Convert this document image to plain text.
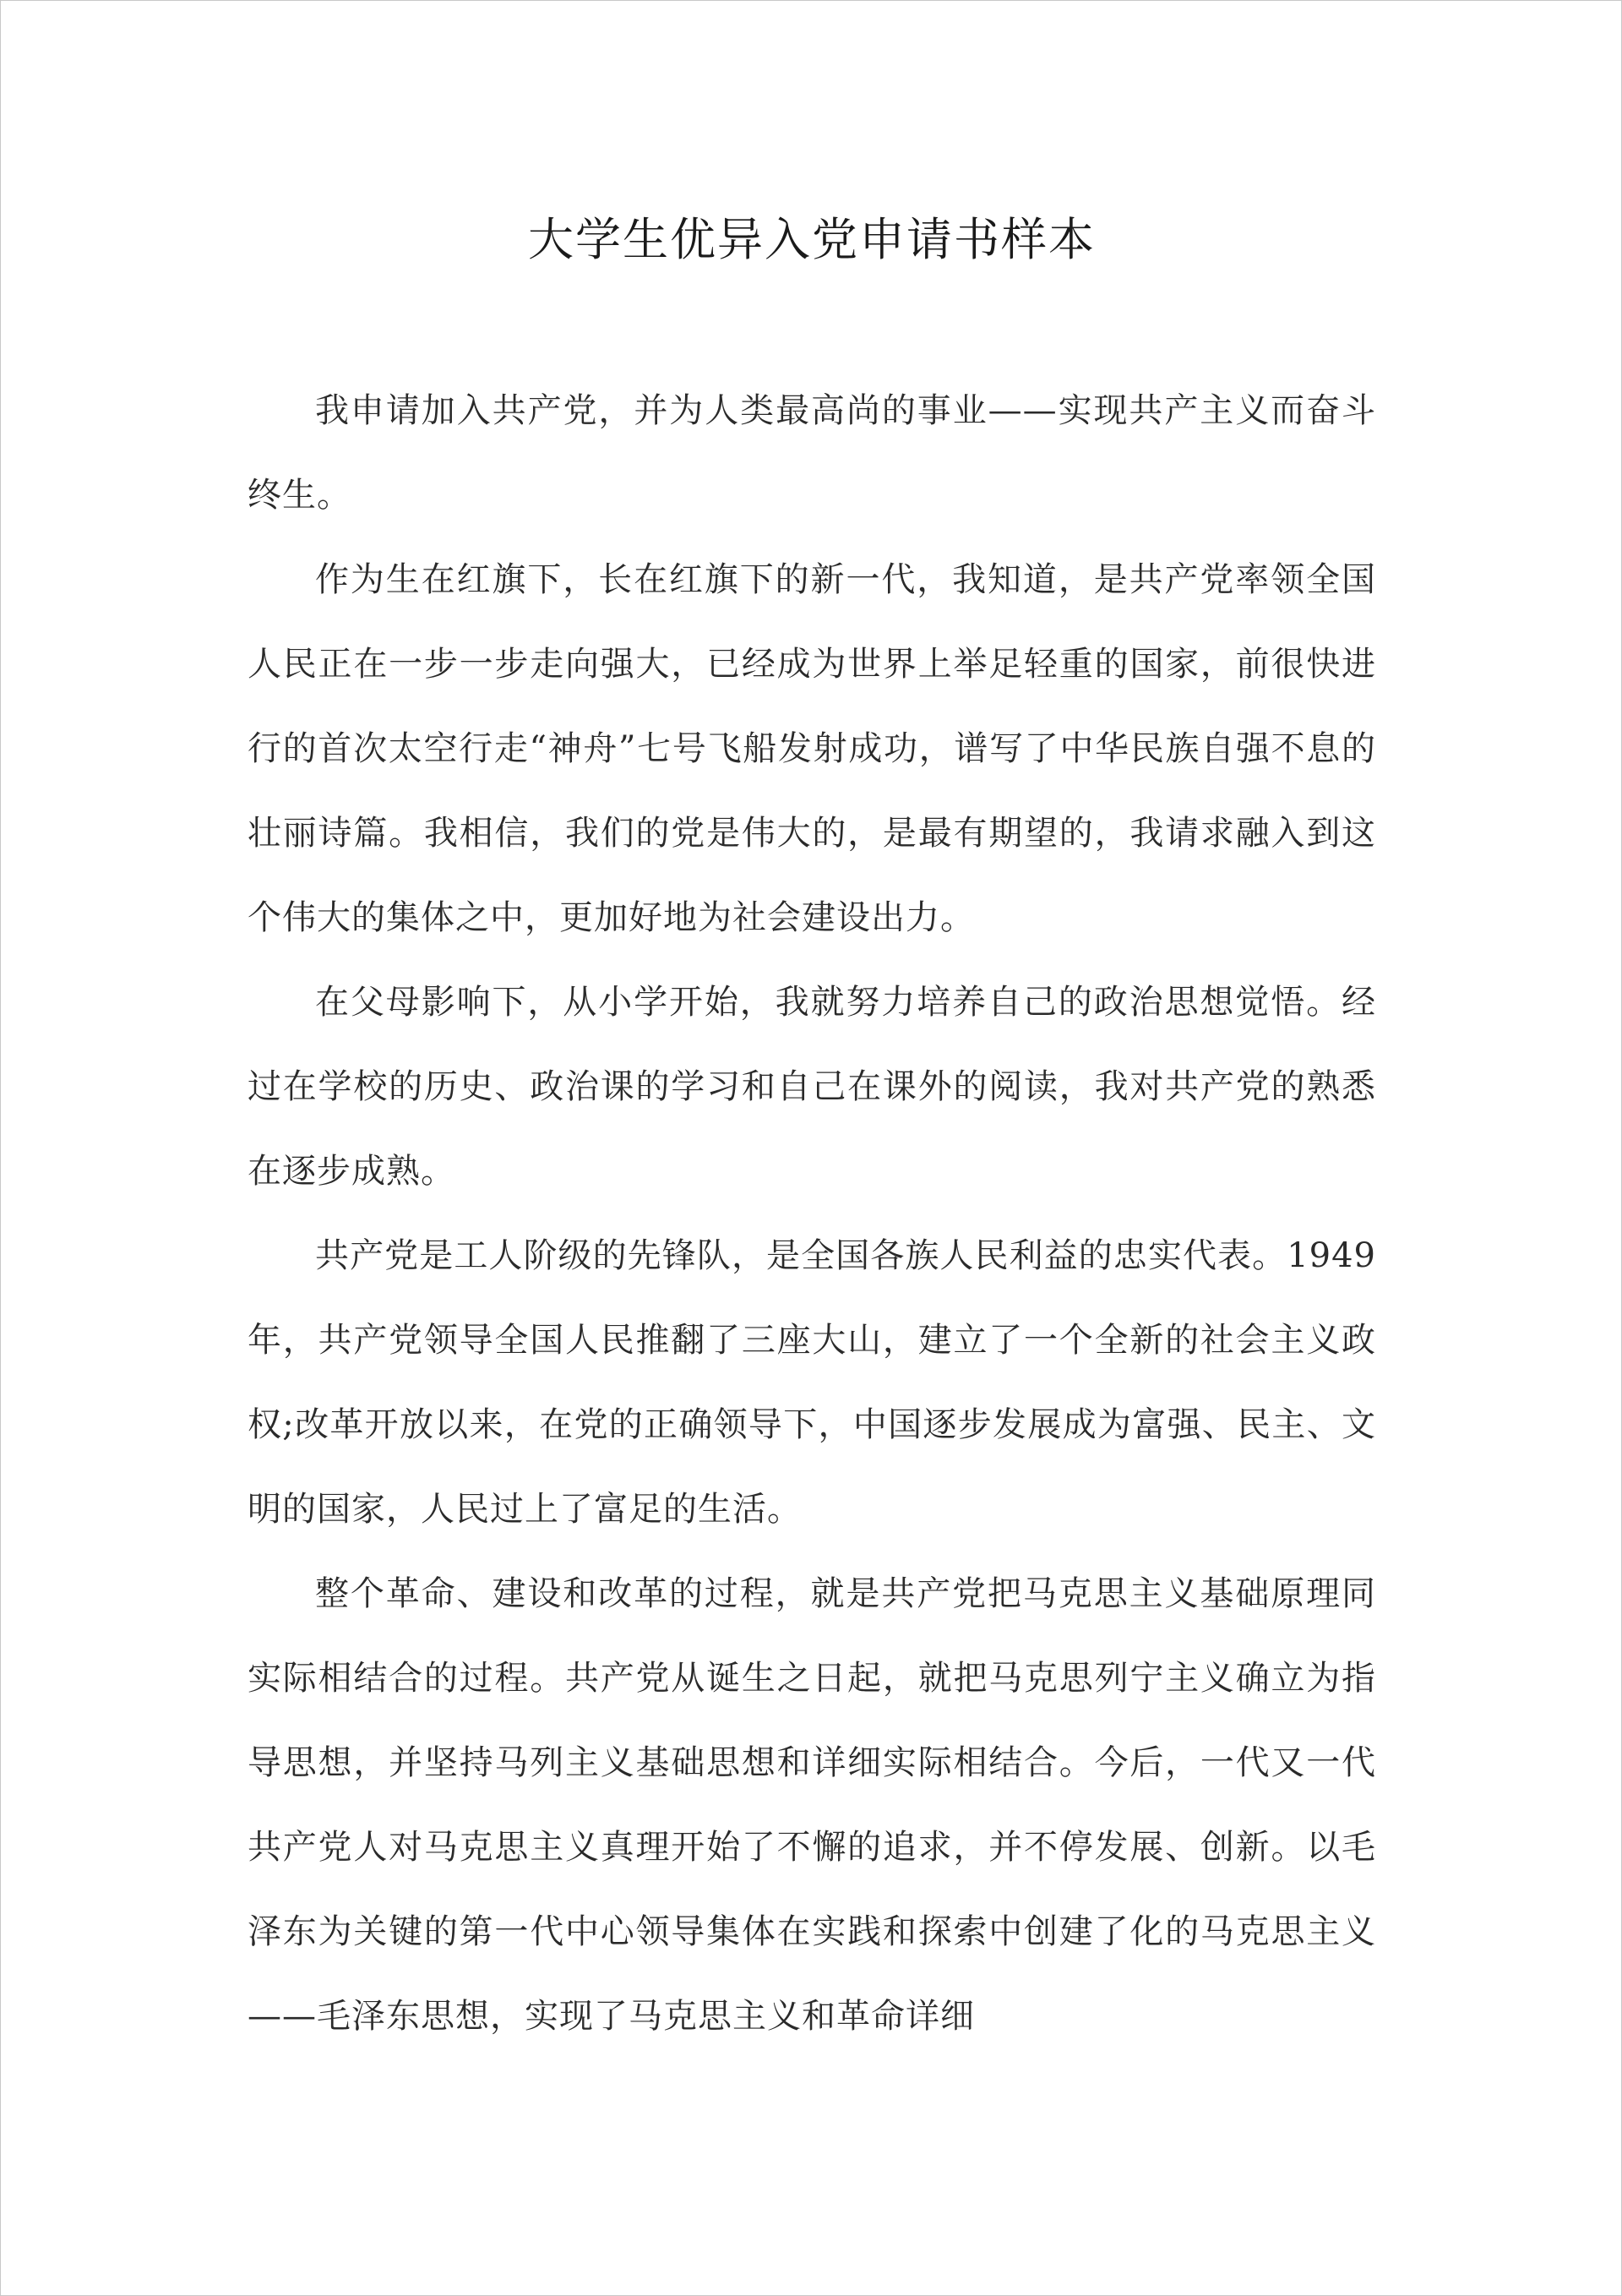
大学生优异入党申请书样本

我申请加入共产党，并为人类最高尚的事业——实现共产主义而奋斗终生。

作为生在红旗下，长在红旗下的新一代，我知道，是共产党率领全国人民正在一步一步走向强大，已经成为世界上举足轻重的国家，前很快进行的首次太空行走“神舟”七号飞船发射成功，谱写了中华民族自强不息的壮丽诗篇。我相信，我们的党是伟大的，是最有期望的，我请求融入到这个伟大的集体之中，更加好地为社会建设出力。

在父母影响下，从小学开始，我就努力培养自己的政治思想觉悟。经过在学校的历史、政治课的学习和自己在课外的阅读，我对共产党的熟悉在逐步成熟。

共产党是工人阶级的先锋队，是全国各族人民利益的忠实代表。1949年，共产党领导全国人民推翻了三座大山，建立了一个全新的社会主义政权;改革开放以来，在党的正确领导下，中国逐步发展成为富强、民主、文明的国家，人民过上了富足的生活。

整个革命、建设和改革的过程，就是共产党把马克思主义基础原理同实际相结合的过程。共产党从诞生之日起，就把马克思列宁主义确立为指导思想，并坚持马列主义基础思想和详细实际相结合。今后，一代又一代共产党人对马克思主义真理开始了不懈的追求，并不停发展、创新。以毛泽东为关键的第一代中心领导集体在实践和探索中创建了化的马克思主义——毛泽东思想，实现了马克思主义和革命详细
